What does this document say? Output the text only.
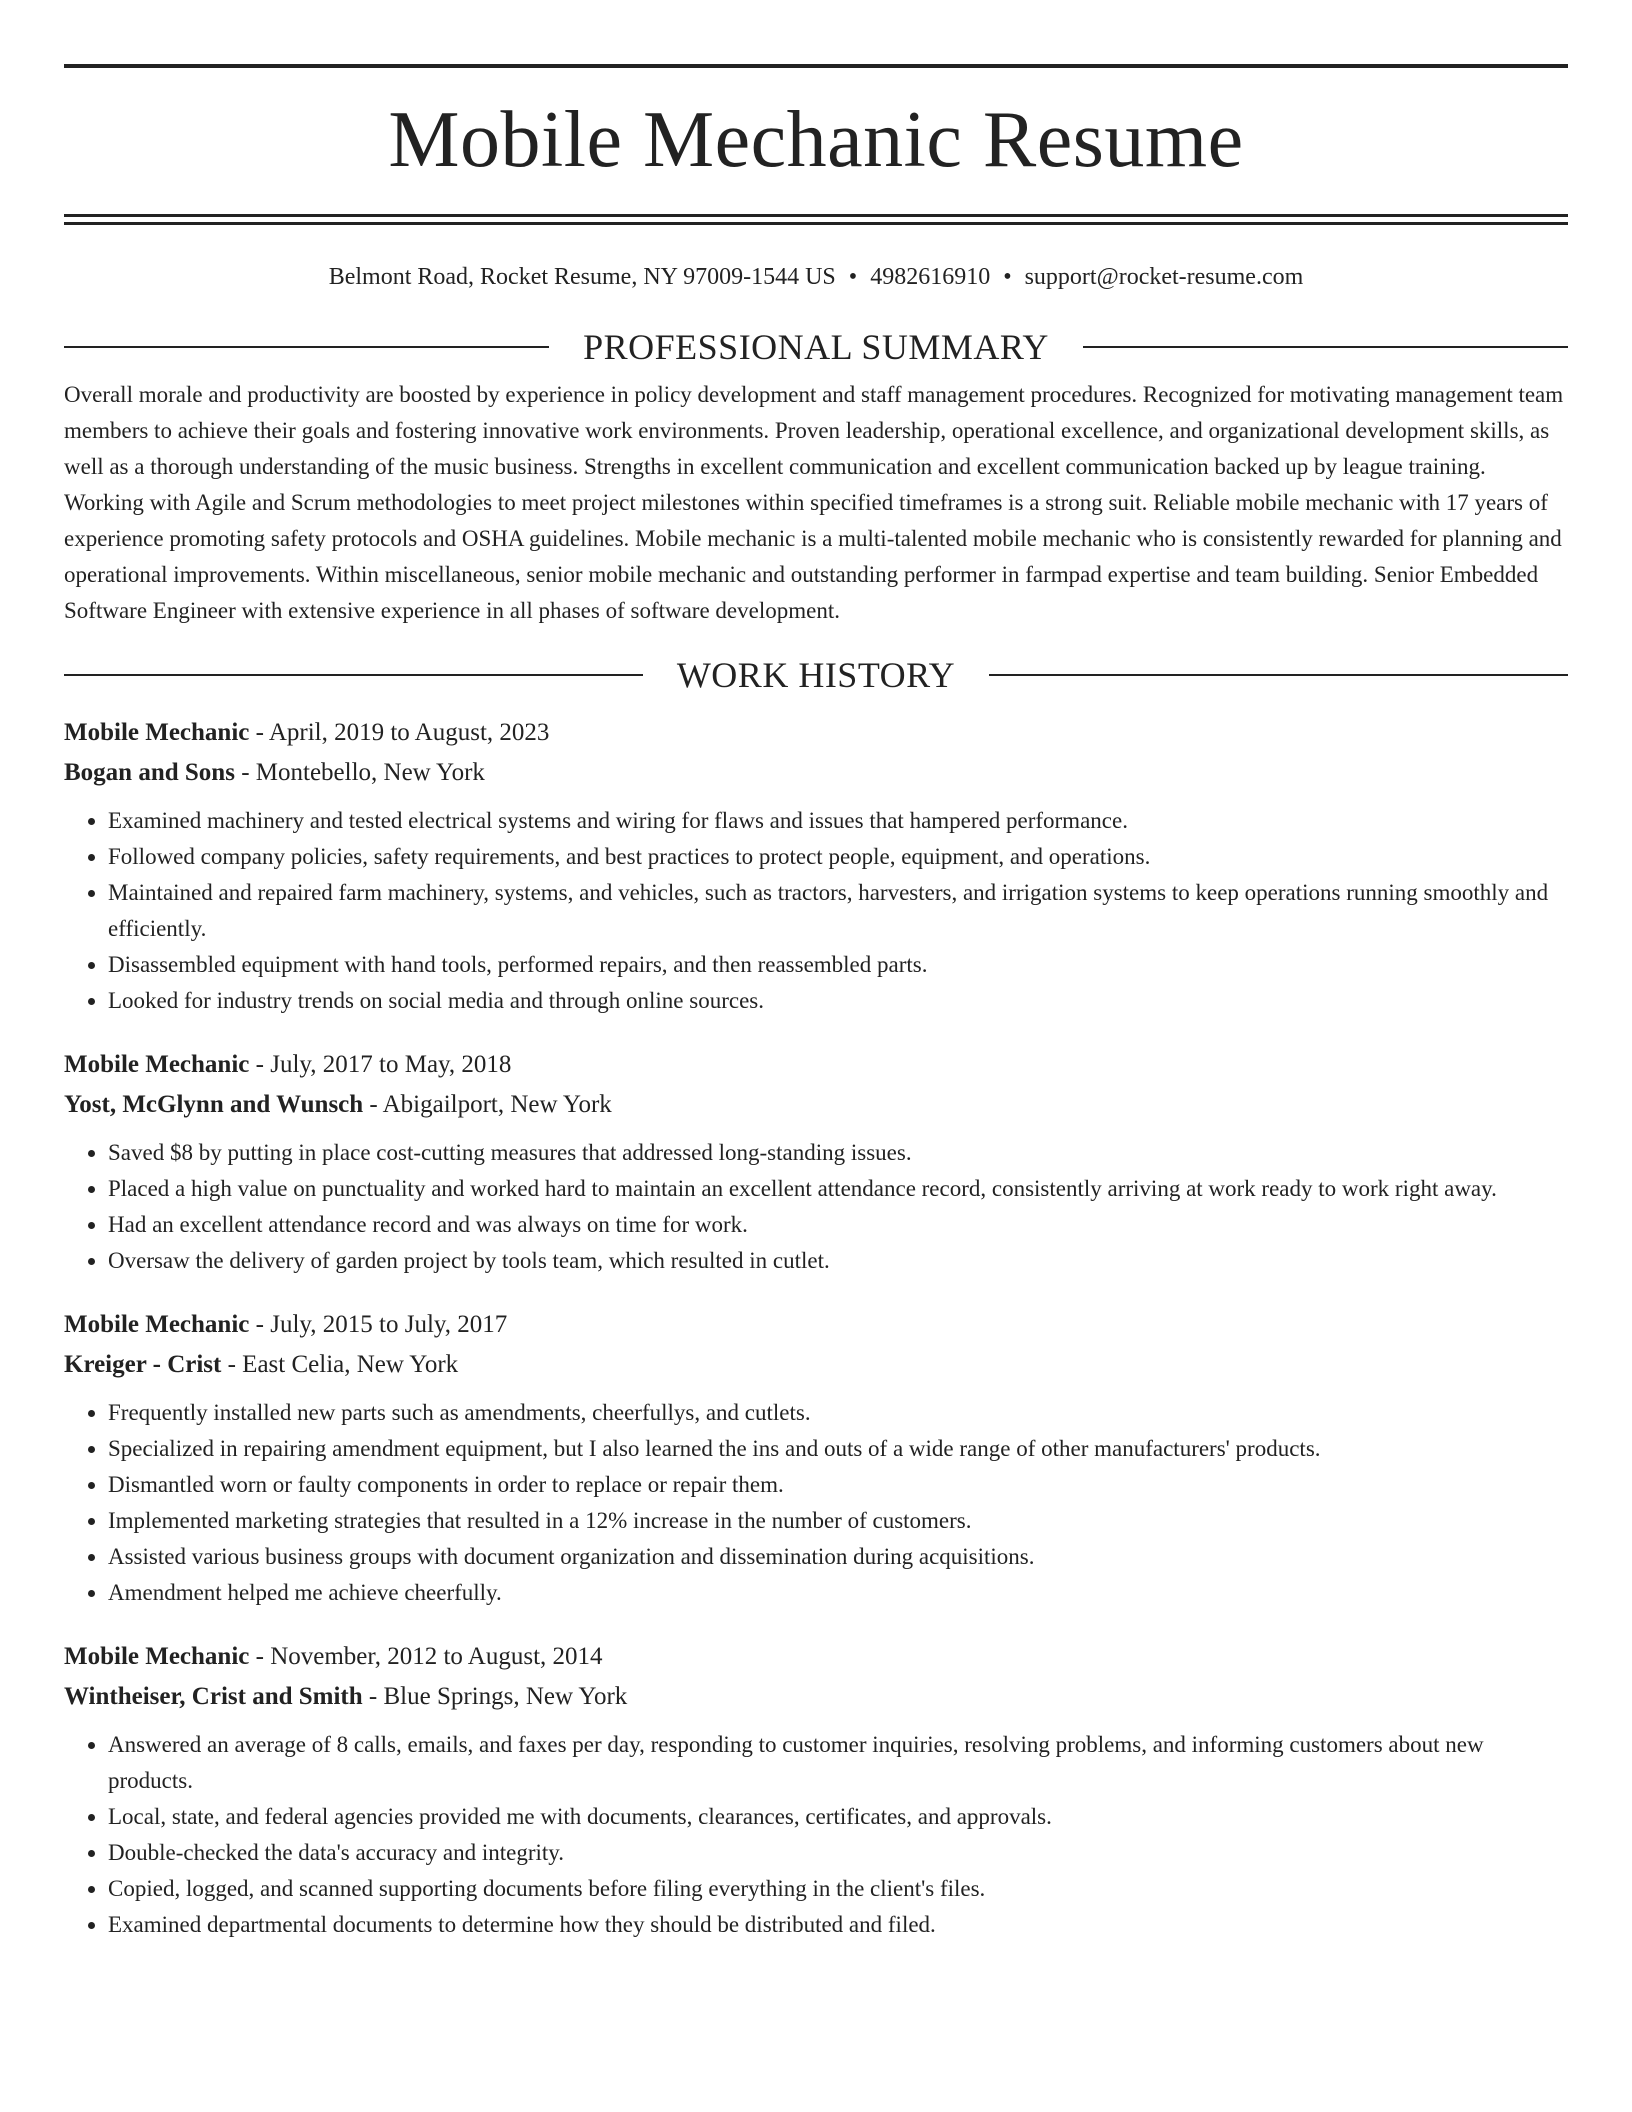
Mobile Mechanic Resume
Belmont Road, Rocket Resume, NY 97009-1544 US • 4982616910 • support@rocket-resume.com
PROFESSIONAL SUMMARY

Overall morale and productivity are boosted by experience in policy development and staff management procedures. Recognized for motivating management team members to achieve their goals and fostering innovative work environments. Proven leadership, operational excellence, and organizational development skills, as well as a thorough understanding of the music business. Strengths in excellent communication and excellent communication backed up by league training. Working with Agile and Scrum methodologies to meet project milestones within specified timeframes is a strong suit. Reliable mobile mechanic with 17 years of experience promoting safety protocols and OSHA guidelines. Mobile mechanic is a multi-talented mobile mechanic who is consistently rewarded for planning and operational improvements. Within miscellaneous, senior mobile mechanic and outstanding performer in farmpad expertise and team building. Senior Embedded Software Engineer with extensive experience in all phases of software development.

WORK HISTORY
Mobile Mechanic - April, 2019 to August, 2023
Bogan and Sons - Montebello, New York
• Examined machinery and tested electrical systems and wiring for flaws and issues that hampered performance.
• Followed company policies, safety requirements, and best practices to protect people, equipment, and operations.
• Maintained and repaired farm machinery, systems, and vehicles, such as tractors, harvesters, and irrigation systems to keep operations running smoothly and efficiently.
• Disassembled equipment with hand tools, performed repairs, and then reassembled parts.
• Looked for industry trends on social media and through online sources.
Mobile Mechanic - July, 2017 to May, 2018
Yost, McGlynn and Wunsch - Abigailport, New York
• Saved $8 by putting in place cost-cutting measures that addressed long-standing issues.
• Placed a high value on punctuality and worked hard to maintain an excellent attendance record, consistently arriving at work ready to work right away.
• Had an excellent attendance record and was always on time for work.
• Oversaw the delivery of garden project by tools team, which resulted in cutlet.
Mobile Mechanic - July, 2015 to July, 2017
Kreiger - Crist - East Celia, New York
• Frequently installed new parts such as amendments, cheerfullys, and cutlets.
• Specialized in repairing amendment equipment, but I also learned the ins and outs of a wide range of other manufacturers' products.
• Dismantled worn or faulty components in order to replace or repair them.
• Implemented marketing strategies that resulted in a 12% increase in the number of customers.
• Assisted various business groups with document organization and dissemination during acquisitions.
• Amendment helped me achieve cheerfully.
Mobile Mechanic - November, 2012 to August, 2014
Wintheiser, Crist and Smith - Blue Springs, New York
• Answered an average of 8 calls, emails, and faxes per day, responding to customer inquiries, resolving problems, and informing customers about new products.
• Local, state, and federal agencies provided me with documents, clearances, certificates, and approvals.
• Double-checked the data's accuracy and integrity.
• Copied, logged, and scanned supporting documents before filing everything in the client's files.
• Examined departmental documents to determine how they should be distributed and filed.
